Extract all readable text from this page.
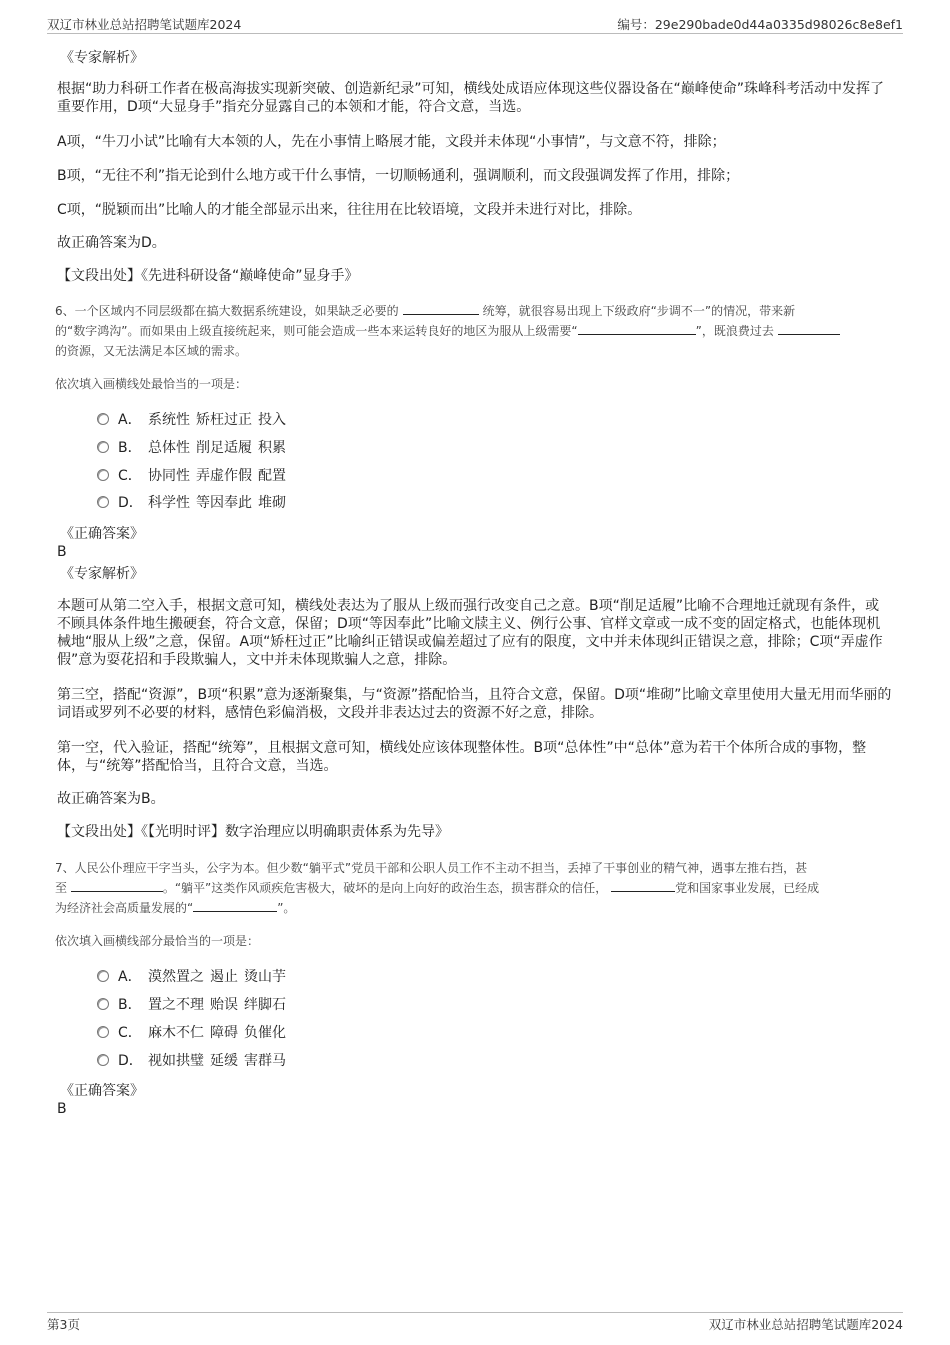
双辽市林业总站招聘笔试题库2024	编号：29e290bade0d44a0335d98026c8e8ef1
《专家解析》
根据“助力科研工作者在极高海拔实现新突破、创造新纪录”可知，横线处成语应体现这些仪器设备在“巅峰使命”珠峰科考活动中发挥了重要作用，D项“大显身手”指充分显露自己的本领和才能，符合文意，当选。
A项，“牛刀小试”比喻有大本领的人，先在小事情上略展才能，文段并未体现“小事情”，与文意不符，排除；
B项，“无往不利”指无论到什么地方或干什么事情，一切顺畅通利，强调顺利，而文段强调发挥了作用，排除；
C项，“脱颖而出”比喻人的才能全部显示出来，往往用在比较语境，文段并未进行对比，排除。
故正确答案为D。
【文段出处】《先进科研设备“巅峰使命”显身手》
6、一个区域内不同层级都在搞大数据系统建设，如果缺乏必要的	统筹，就很容易出现上下级政府“步调不一”的情况，带来新
的“数字鸿沟”。而如果由上级直接统起来，则可能会造成一些本来运转良好的地区为服从上级需要“	”，既浪费过去
的资源，又无法满足本区域的需求。
依次填入画横线处最恰当的一项是：
A． 系统性 矫枉过正 投入
B． 总体性 削足适履 积累
C． 协同性 弄虚作假 配置
D． 科学性 等因奉此 堆砌
《正确答案》
B
《专家解析》
本题可从第二空入手，根据文意可知，横线处表达为了服从上级而强行改变自己之意。B项“削足适履”比喻不合理地迁就现有条件，或不顾具体条件地生搬硬套，符合文意，保留；D项“等因奉此”比喻文牍主义、例行公事、官样文章或一成不变的固定格式，也能体现机械地“服从上级”之意，保留。A项“矫枉过正”比喻纠正错误或偏差超过了应有的限度，文中并未体现纠正错误之意，排除；C项“弄虚作假”意为耍花招和手段欺骗人，文中并未体现欺骗人之意，排除。
第三空，搭配“资源”，B项“积累”意为逐渐聚集，与“资源”搭配恰当，且符合文意，保留。D项“堆砌”比喻文章里使用大量无用而华丽的词语或罗列不必要的材料，感情色彩偏消极，文段并非表达过去的资源不好之意，排除。
第一空，代入验证，搭配“统筹”，且根据文意可知，横线处应该体现整体性。B项“总体性”中“总体”意为若干个体所合成的事物，整体，与“统筹”搭配恰当，且符合文意，当选。
故正确答案为B。
【文段出处】《【光明时评】数字治理应以明确职责体系为先导》
7、人民公仆理应干字当头，公字为本。但少数“躺平式”党员干部和公职人员工作不主动不担当，丢掉了干事创业的精气神，遇事左推右挡，甚
至	。“躺平”这类作风顽疾危害极大，破坏的是向上向好的政治生态，损害群众的信任，	党和国家事业发展，已经成
为经济社会高质量发展的“	”。
依次填入画横线部分最恰当的一项是：
A． 漠然置之 遏止 烫山芋
B． 置之不理 贻误 绊脚石
C． 麻木不仁 障碍 负催化
D． 视如拱璧 延缓 害群马
《正确答案》
B
第3页	双辽市林业总站招聘笔试题库2024
